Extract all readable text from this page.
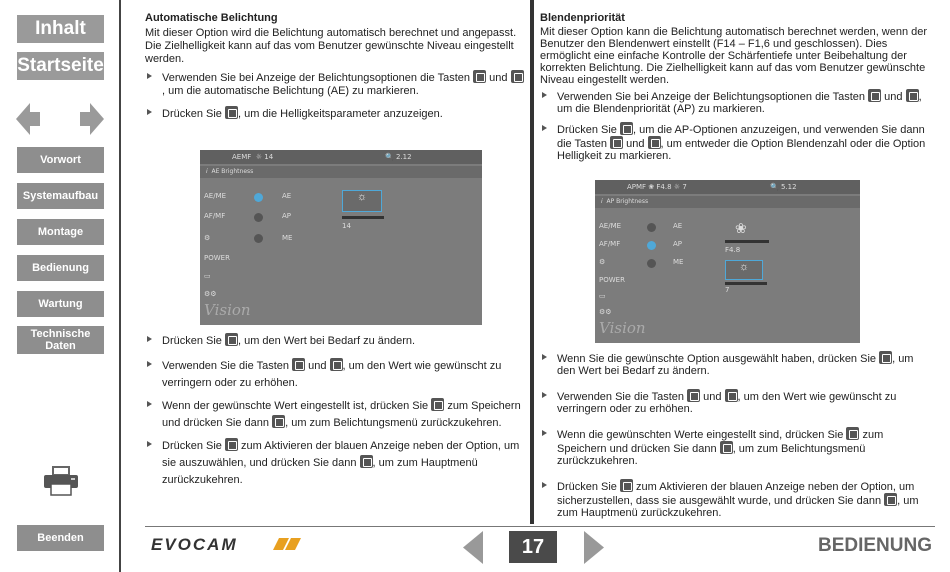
Inhalt
Startseite
Vorwort
Systemaufbau
Montage
Bedienung
Wartung
Technische Daten
Beenden
Automatische Belichtung

Mit dieser Option wird die Belichtung automatisch berechnet und angepasst. Die Zielhelligkeit kann auf das vom Benutzer gewünschte Niveau eingestellt werden.

Verwenden Sie bei Anzeige der Belichtungsoptionen die Tasten und , um die automatische Belichtung (AE) zu markieren.

Drücken Sie , um die Helligkeitsparameter anzuzeigen.

AEMF  ☼ 14	🔍 2.12
i AE Brightness
AE/ME
AF/MF
⚙
POWER
▭
⚙⚙
AE
AP
ME
☼
14
Vision

Drücken Sie , um den Wert bei Bedarf zu ändern.

Verwenden Sie die Tasten und , um den Wert wie gewünscht zu verringern oder zu erhöhen.

Wenn der gewünschte Wert eingestellt ist, drücken Sie zum Speichern und drücken Sie dann , um zum Belichtungsmenü zurückzukehren.

Drücken Sie zum Aktivieren der blauen Anzeige neben der Option, um sie auszuwählen, und drücken Sie dann , um zum Hauptmenü zurückzukehren.

Blendenpriorität

Mit dieser Option kann die Belichtung automatisch berechnet werden, wenn der Benutzer den Blendenwert einstellt (F14 – F1,6 und geschlossen). Dies ermöglicht eine einfache Kontrolle der Schärfentiefe unter Beibehaltung der korrekten Belichtung. Die Zielhelligkeit kann auf das vom Benutzer gewünschte Niveau eingestellt werden.

Verwenden Sie bei Anzeige der Belichtungsoptionen die Tasten und , um die Blendenpriorität (AP) zu markieren.

Drücken Sie , um die AP-Optionen anzuzeigen, und verwenden Sie dann die Tasten und , um entweder die Option Blendenzahl oder die Option Helligkeit zu markieren.

APMF ❀ F4.8 ☼ 7	🔍 5.12
i AP Brightness
AE/ME
AF/MF
⚙
POWER
▭
⚙⚙
AE
AP
ME
❀
F4.8
☼
7
Vision

Wenn Sie die gewünschte Option ausgewählt haben, drücken Sie , um den Wert bei Bedarf zu ändern.

Verwenden Sie die Tasten und , um den Wert wie gewünscht zu verringern oder zu erhöhen.

Wenn die gewünschten Werte eingestellt sind, drücken Sie zum Speichern und drücken Sie dann , um zum Belichtungsmenü zurückzukehren.

Drücken Sie zum Aktivieren der blauen Anzeige neben der Option, um sicherzustellen, dass sie ausgewählt wurde, und drücken Sie dann , um zum Hauptmenü zurückzukehren.

EVOCAM	17	BEDIENUNG
